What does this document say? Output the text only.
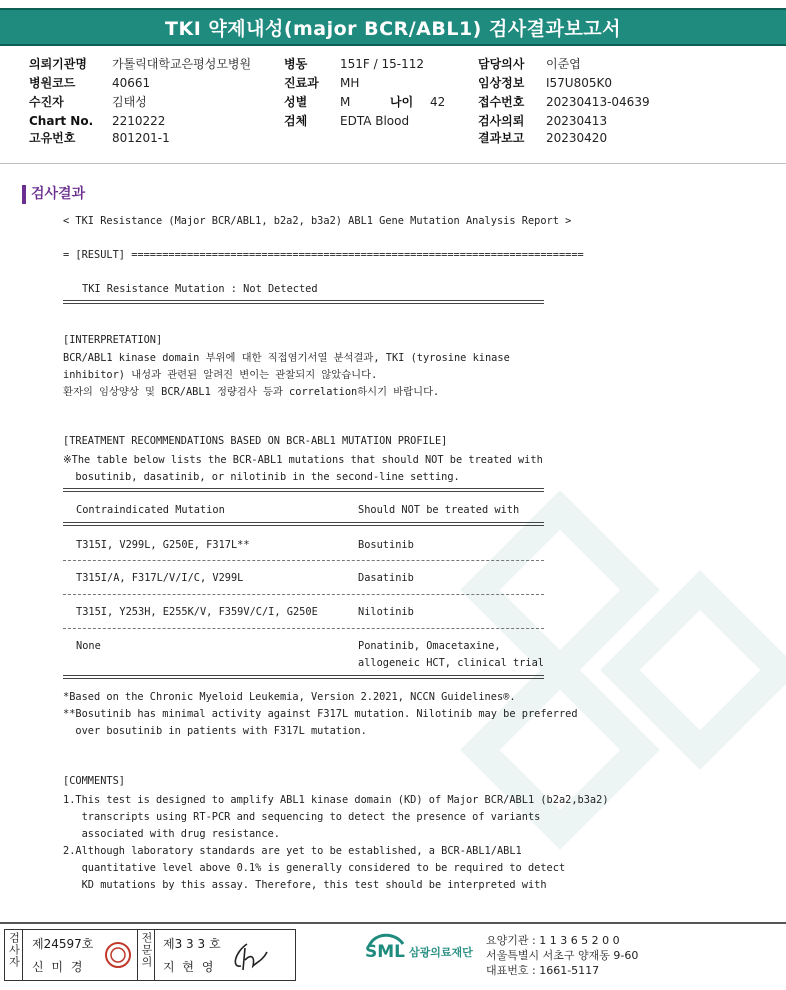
TKI 약제내성(major BCR/ABL1) 검사결과보고서
의뢰기관명	가톨릭대학교은평성모병원
병원코드	40661
수진자	김태성
Chart No.	2210222
고유번호	801201-1
병동	151F / 15-112
진료과	MH
성별	M	나이	42
검체	EDTA Blood
담당의사	이준엽
임상정보	I57U805K0
접수번호	20230413-04639
검사의뢰	20230413
결과보고	20230420
검사결과
< TKI Resistance (Major BCR/ABL1, b2a2, b3a2) ABL1 Gene Mutation Analysis Report >
= [RESULT] =========================================================================
TKI Resistance Mutation : Not Detected
[INTERPRETATION]
BCR/ABL1 kinase domain 부위에 대한 직접염기서열 분석결과, TKI (tyrosine kinase
inhibitor) 내성과 관련된 알려진 변이는 관찰되지 않았습니다.
환자의 임상양상 및 BCR/ABL1 정량검사 등과 correlation하시기 바랍니다.
[TREATMENT RECOMMENDATIONS BASED ON BCR-ABL1 MUTATION PROFILE]
※The table below lists the BCR-ABL1 mutations that should NOT be treated with
bosutinib, dasatinib, or nilotinib in the second-line setting.
Contraindicated Mutation	Should NOT be treated with
T315I, V299L, G250E, F317L**	Bosutinib
T315I/A, F317L/V/I/C, V299L	Dasatinib
T315I, Y253H, E255K/V, F359V/C/I, G250E	Nilotinib
None	Ponatinib, Omacetaxine,
allogeneic HCT, clinical trial
*Based on the Chronic Myeloid Leukemia, Version 2.2021, NCCN Guidelines®.
**Bosutinib has minimal activity against F317L mutation. Nilotinib may be preferred
over bosutinib in patients with F317L mutation.
[COMMENTS]
1.This test is designed to amplify ABL1 kinase domain (KD) of Major BCR/ABL1 (b2a2,b3a2)
transcripts using RT-PCR and sequencing to detect the presence of variants
associated with drug resistance.
2.Although laboratory standards are yet to be established, a BCR-ABL1/ABL1
quantitative level above 0.1% is generally considered to be required to detect
KD mutations by this assay. Therefore, this test should be interpreted with
검사자 제24597호
신 미 경	전문의 제3 3 3 호
지 현 영
SML 삼광의료재단
요양기관 : 1 1 3 6 5 2 0 0
서울특별시 서초구 양재동 9-60
대표번호 : 1661-5117
